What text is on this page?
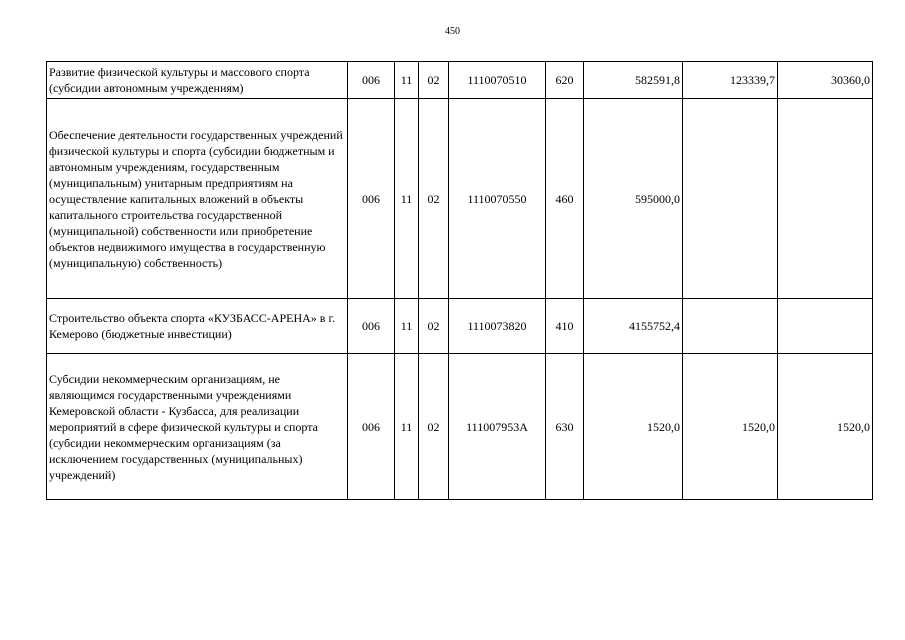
450
Развитие физической культуры и массового спорта (субсидии автономным учреждениям)	006	11	02	1110070510	620	582591,8	123339,7	30360,0
Обеспечение деятельности государственных учреждений физической культуры и спорта (субсидии бюджетным и автономным учреждениям, государственным (муниципальным) унитарным предприятиям на осуществление капитальных вложений в объекты капитального строительства государственной (муниципальной) собственности или приобретение объектов недвижимого имущества в государственную (муниципальную) собственность)	006	11	02	1110070550	460	595000,0		
Строительство объекта спорта «КУЗБАСС-АРЕНА» в г. Кемерово (бюджетные инвестиции)	006	11	02	1110073820	410	4155752,4		
Субсидии некоммерческим организациям, не являющимся государственными учреждениями Кемеровской области - Кузбасса, для реализации мероприятий в сфере физической культуры и спорта (субсидии некоммерческим организациям (за исключением государственных (муниципальных) учреждений)	006	11	02	111007953А	630	1520,0	1520,0	1520,0
